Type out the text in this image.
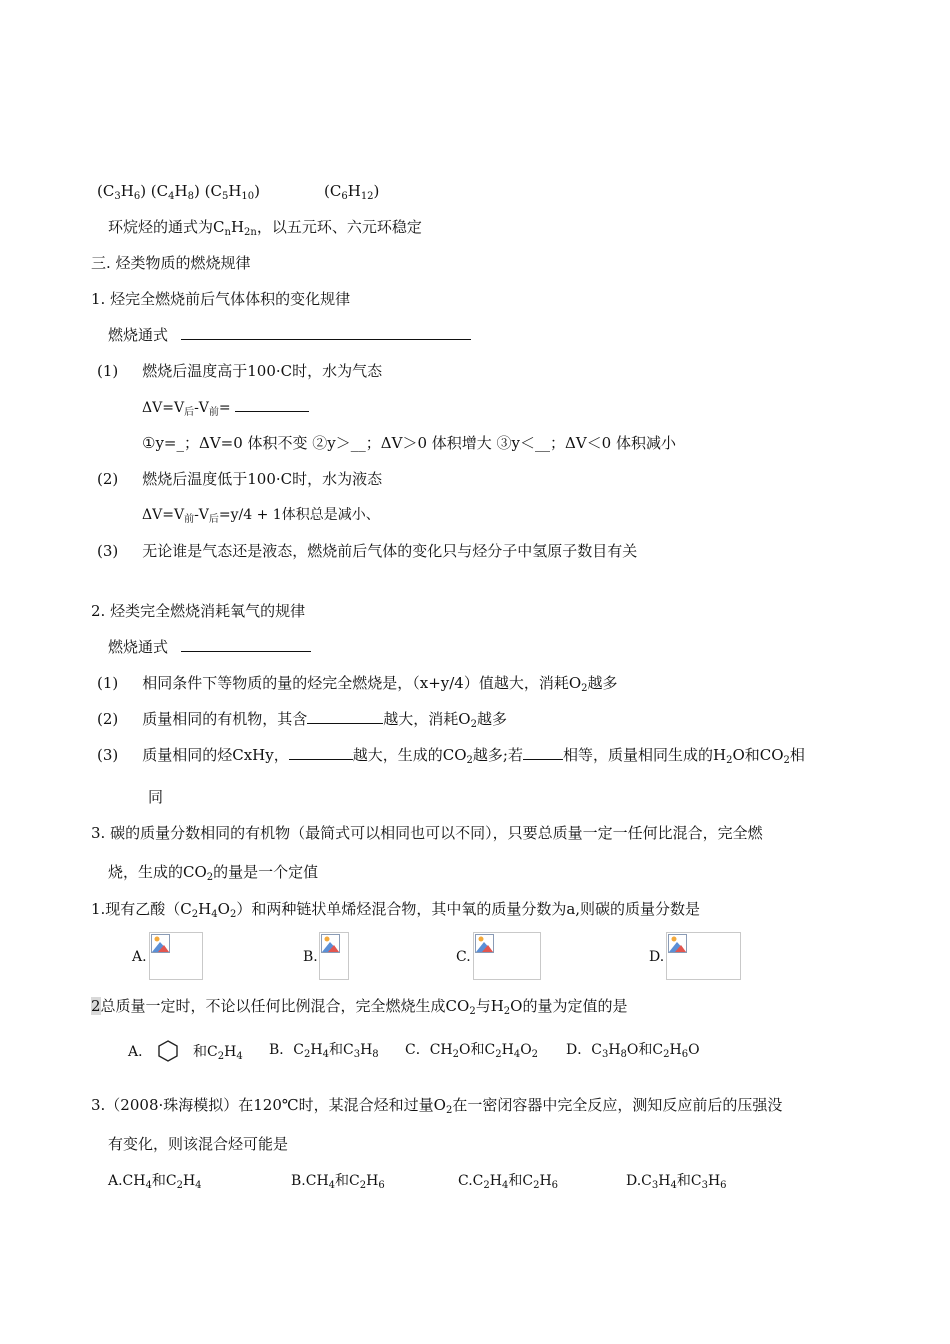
$(C_3H_6)$ $(C_4H_8)$ $(C_5H_{10})$	$(C_6H_{12})$
环烷烃的通式为$C_nH_{2n}$，以五元环、六元环稳定
三. 烃类物质的燃烧规律
1. 烃完全燃烧前后气体体积的变化规律
燃烧通式
(1) 燃烧后温度高于100·C时，水为气态
$\Delta V=V_后-V_前=$
①y=_；ΔV=0 体积不变 ②y＞__；ΔV＞0 体积增大 ③y＜__；ΔV＜0 体积减小
(2) 燃烧后温度低于100·C时，水为液态
$\Delta V=V_前-V_后=y/4 + 1$体积总是减小、
(3) 无论谁是气态还是液态，燃烧前后气体的变化只与烃分子中氢原子数目有关
2. 烃类完全燃烧消耗氧气的规律
燃烧通式
(1) 相同条件下等物质的量的烃完全燃烧是，（x+y/4）值越大，消耗$O_2$越多
(2) 质量相同的有机物，其含	越大，消耗$O_2$越多
(3) 质量相同的烃CxHy，	越大，生成的$CO_2$越多;若	相等，质量相同生成的$H_2O$和$CO_2$相
同
3. 碳的质量分数相同的有机物（最简式可以相同也可以不同），只要总质量一定一任何比混合，完全燃
烧，生成的$CO_2$的量是一个定值
1.现有乙酸$(C_2H_4O_2)$和两种链状单烯烃混合物，其中氧的质量分数为a,则碳的质量分数是
A.	B.	C.	D.
2总质量一定时，不论以任何比例混合，完全燃烧生成$CO_2$与$H_2O$的量为定值的是
A．	和$C_2H_4$ B．$C_2H_4$和$C_3H_8$ C．$CH_2O$和$C_2H_4O_2$ D．$C_3H_8O$和$C_2H_6O$
3.（2008·珠海模拟）在120℃时，某混合烃和过量$O_2$在一密闭容器中完全反应，测知反应前后的压强没
有变化，则该混合烃可能是
$A.CH_4$和$C_2H_4$	$B.CH_4$和$C_2H_6$	$C.C_2H_4$和$C_2H_6$	$D.C_3H_4$和$C_3H_6$
